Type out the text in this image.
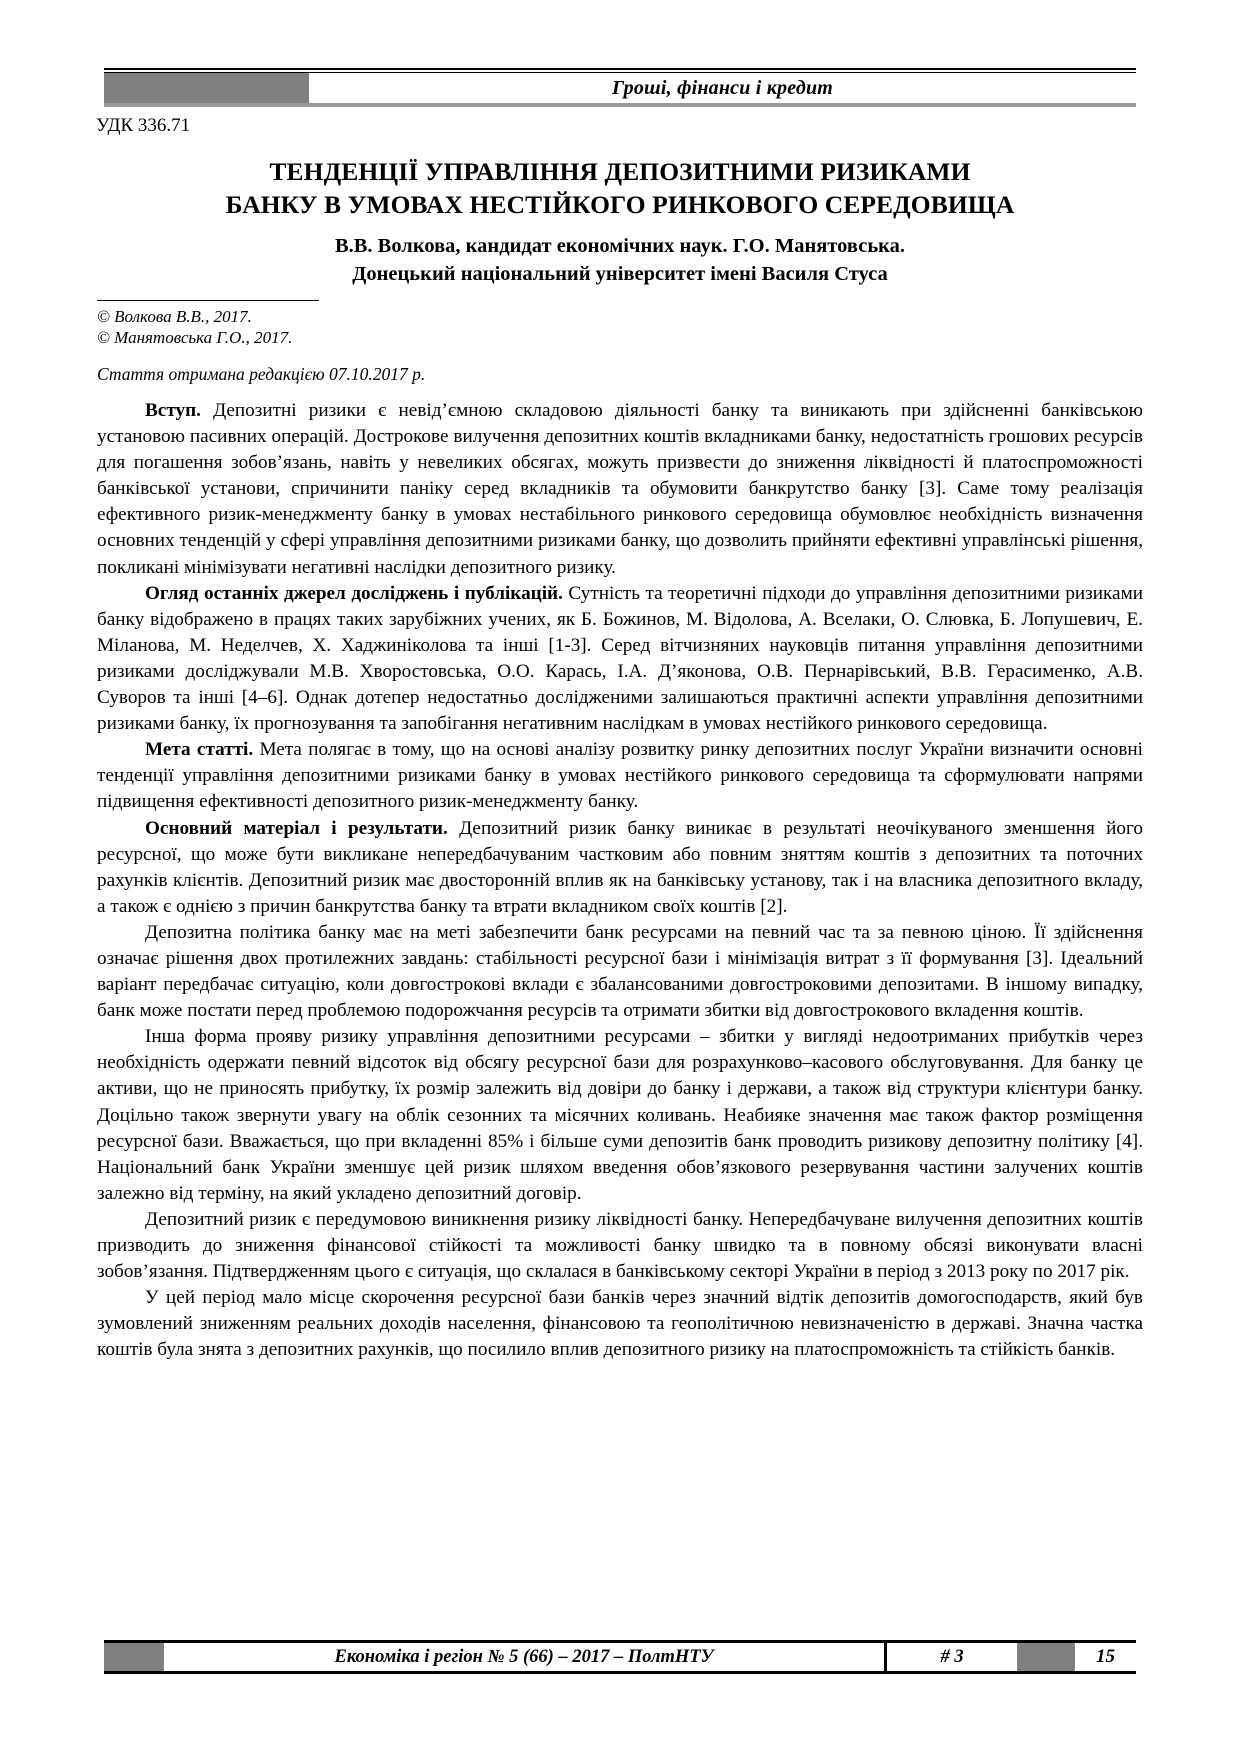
Гроші, фінанси і кредит
УДК 336.71
ТЕНДЕНЦІЇ УПРАВЛІННЯ ДЕПОЗИТНИМИ РИЗИКАМИ
БАНКУ В УМОВАХ НЕСТІЙКОГО РИНКОВОГО СЕРЕДОВИЩА
В.В. Волкова, кандидат економічних наук. Г.О. Манятовська.
Донецький національний університет імені Василя Стуса
© Волкова В.В., 2017.
© Манятовська Г.О., 2017.
Стаття отримана редакцією 07.10.2017 р.

Вступ. Депозитні ризики є невід’ємною складовою діяльності банку та виникають при здійсненні банківською установою пасивних операцій. Дострокове вилучення депозитних коштів вкладниками банку, недостатність грошових ресурсів для погашення зобов’язань, навіть у невеликих обсягах, можуть призвести до зниження ліквідності й платоспроможності банківської установи, спричинити паніку серед вкладників та обумовити банкрутство банку [3]. Саме тому реалізація ефективного ризик-менеджменту банку в умовах нестабільного ринкового середовища обумовлює необхідність визначення основних тенденцій у сфері управління депозитними ризиками банку, що дозволить прийняти ефективні управлінські рішення, покликані мінімізувати негативні наслідки депозитного ризику.

Огляд останніх джерел досліджень і публікацій. Сутність та теоретичні підходи до управління депозитними ризиками банку відображено в працях таких зарубіжних учених, як Б. Божинов, М. Відолова, А. Вселаки, О. Слювка, Б. Лопушевич, Е. Міланова, М. Неделчев, Х. Хаджиніколова та інші [1-3]. Серед вітчизняних науковців питання управління депозитними ризиками досліджували М.В. Хворостовська, О.О. Карась, І.А. Д’яконова, О.В. Пернарівський, В.В. Герасименко, А.В. Суворов та інші [4–6]. Однак дотепер недостатньо дослідженими залишаються практичні аспекти управління депозитними ризиками банку, їх прогнозування та запобігання негативним наслідкам в умовах нестійкого ринкового середовища.

Мета статті. Мета полягає в тому, що на основі аналізу розвитку ринку депозитних послуг України визначити основні тенденції управління депозитними ризиками банку в умовах нестійкого ринкового середовища та сформулювати напрями підвищення ефективності депозитного ризик-менеджменту банку.

Основний матеріал і результати. Депозитний ризик банку виникає в результаті неочікуваного зменшення його ресурсної, що може бути викликане непередбачуваним частковим або повним зняттям коштів з депозитних та поточних рахунків клієнтів. Депозитний ризик має двосторонній вплив як на банківську установу, так і на власника депозитного вкладу, а також є однією з причин банкрутства банку та втрати вкладником своїх коштів [2].

Депозитна політика банку має на меті забезпечити банк ресурсами на певний час та за певною ціною. Її здійснення означає рішення двох протилежних завдань: стабільності ресурсної бази і мінімізація витрат з її формування [3]. Ідеальний варіант передбачає ситуацію, коли довгострокові вклади є збалансованими довгостроковими депозитами. В іншому випадку, банк може постати перед проблемою подорожчання ресурсів та отримати збитки від довгострокового вкладення коштів.

Інша форма прояву ризику управління депозитними ресурсами – збитки у вигляді недоотриманих прибутків через необхідність одержати певний відсоток від обсягу ресурсної бази для розрахунково–касового обслуговування. Для банку це активи, що не приносять прибутку, їх розмір залежить від довіри до банку і держави, а також від структури клієнтури банку. Доцільно також звернути увагу на облік сезонних та місячних коливань. Неабияке значення має також фактор розміщення ресурсної бази. Вважається, що при вкладенні 85% і більше суми депозитів банк проводить ризикову депозитну політику [4]. Національний банк України зменшує цей ризик шляхом введення обов’язкового резервування частини залучених коштів залежно від терміну, на який укладено депозитний договір.

Депозитний ризик є передумовою виникнення ризику ліквідності банку. Непередбачуване вилучення депозитних коштів призводить до зниження фінансової стійкості та можливості банку швидко та в повному обсязі виконувати власні зобов’язання. Підтвердженням цього є ситуація, що склалася в банківському секторі України в період з 2013 року по 2017 рік.

У цей період мало місце скорочення ресурсної бази банків через значний відтік депозитів домогосподарств, який був зумовлений зниженням реальних доходів населення, фінансовою та геополітичною невизначеністю в державі. Значна частка коштів була знята з депозитних рахунків, що посилило вплив депозитного ризику на платоспроможність та стійкість банків.

Економіка і регіон № 5 (66) – 2017 – ПолтНТУ	# 3	15
